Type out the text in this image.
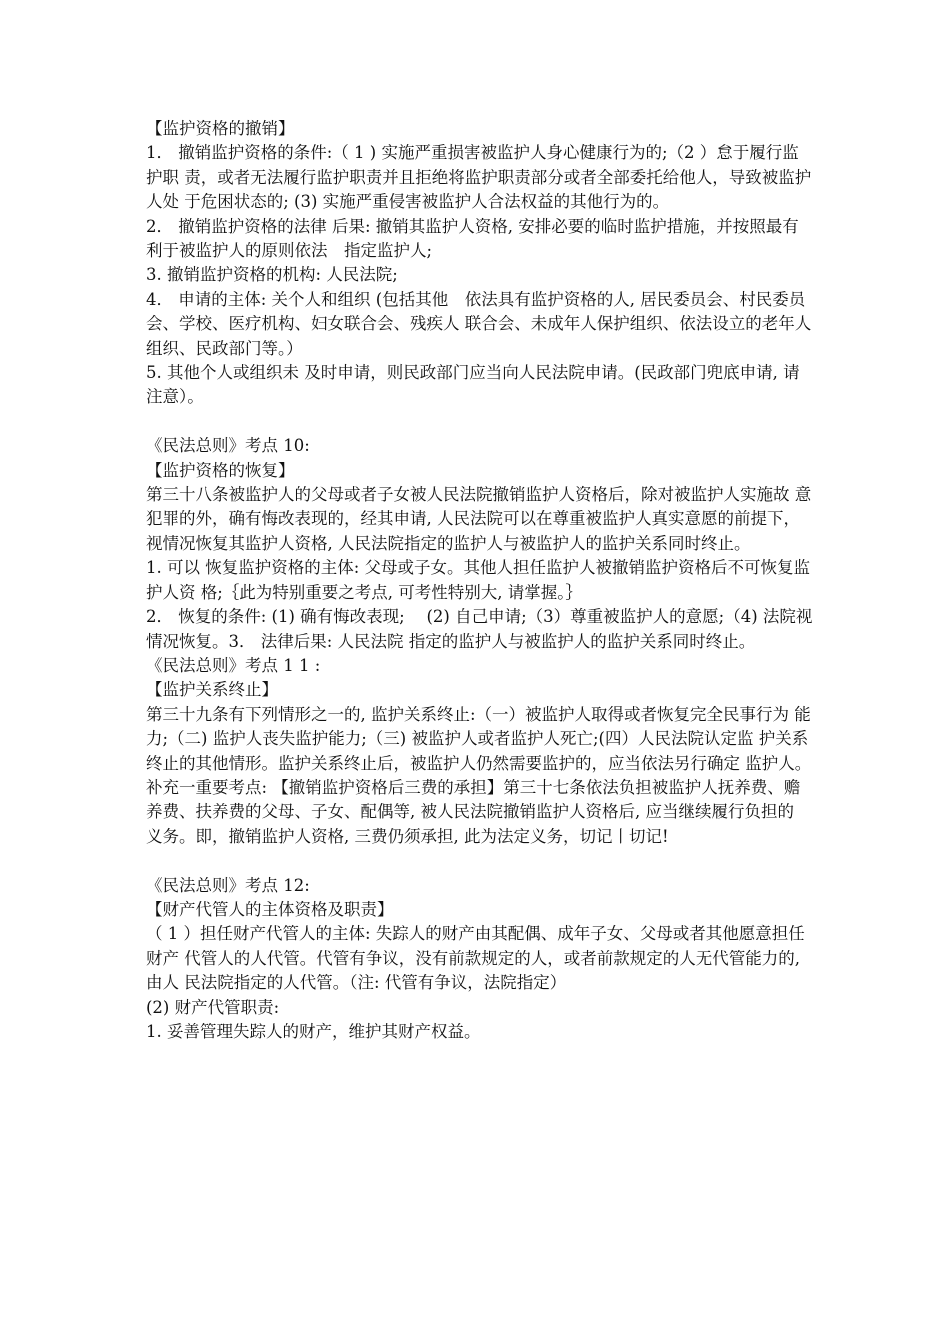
【监护资格的撤销】

1． 撤销监护资格的条件:（ 1 ) 实施严重损害被监护人身心健康行为的;（2 ）怠于履行监护职 责，或者无法履行监护职责并且拒绝将监护职责部分或者全部委托给他人，导致被监护人处 于危困状态的; (3) 实施严重侵害被监护人合法权益的其他行为的。

2． 撤销监护资格的法律 后果: 撤销其监护人资格, 安排必要的临时监护措施，并按照最有利于被监护人的原则依法　指定监护人;

3. 撤销监护资格的机构: 人民法院;

4． 申请的主体: 关个人和组织 (包括其他　依法具有监护资格的人, 居民委员会、村民委员会、学校、医疗机构、妇女联合会、残疾人 联合会、未成年人保护组织、依法设立的老年人组织、民政部门等。）

5. 其他个人或组织未 及时申请，则民政部门应当向人民法院申请。(民政部门兜底申请, 请注意）。

《民法总则》考点 10:

【监护资格的恢复】

第三十八条被监护人的父母或者子女被人民法院撤销监护人资格后，除对被监护人实施故 意犯罪的外，确有悔改表现的，经其申请, 人民法院可以在尊重被监护人真实意愿的前提下，视情况恢复其监护人资格, 人民法院指定的监护人与被监护人的监护关系同时终止。

1. 可以 恢复监护资格的主体: 父母或子女。其他人担任监护人被撤销监护资格后不可恢复监护人资 格;｛此为特别重要之考点, 可考性特别大, 请掌握。｝

2． 恢复的条件: (1) 确有悔改表现;　 (2) 自己申请;（3）尊重被监护人的意愿;（4) 法院视情况恢复。3． 法律后果: 人民法院 指定的监护人与被监护人的监护关系同时终止。

《民法总则》考点 1 1 :

【监护关系终止】

第三十九条有下列情形之一的, 监护关系终止:（一）被监护人取得或者恢复完全民事行为 能力;（二) 监护人丧失监护能力;（三) 被监护人或者监护人死亡;(四）人民法院认定监 护关系终止的其他情形。监护关系终止后，被监护人仍然需要监护的，应当依法另行确定 监护人。

补充一重要考点: 【撤销监护资格后三费的承担】第三十七条依法负担被监护人抚养费、赡 养费、扶养费的父母、子女、配偶等, 被人民法院撤销监护人资格后, 应当继续履行负担的 义务。即，撤销监护人资格, 三费仍须承担, 此为法定义务，切记丨切记!

《民法总则》考点 12:

【财产代管人的主体资格及职责】

（ 1 ）担任财产代管人的主体: 失踪人的财产由其配偶、成年子女、父母或者其他愿意担任财产 代管人的人代管。代管有争议，没有前款规定的人，或者前款规定的人无代管能力的, 由人 民法院指定的人代管。（注: 代管有争议，法院指定）

(2) 财产代管职责:

1. 妥善管理失踪人的财产，维护其财产权益。
